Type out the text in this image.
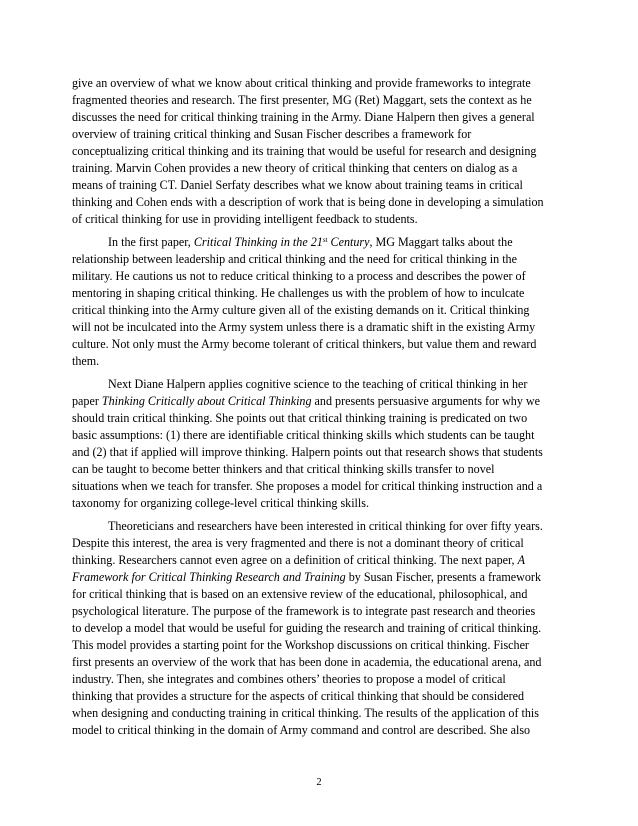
give an overview of what we know about critical thinking and provide frameworks to integrate
fragmented theories and research. The first presenter, MG (Ret) Maggart, sets the context as he
discusses the need for critical thinking training in the Army. Diane Halpern then gives a general
overview of training critical thinking and Susan Fischer describes a framework for
conceptualizing critical thinking and its training that would be useful for research and designing
training. Marvin Cohen provides a new theory of critical thinking that centers on dialog as a
means of training CT. Daniel Serfaty describes what we know about training teams in critical
thinking and Cohen ends with a description of work that is being done in developing a simulation
of critical thinking for use in providing intelligent feedback to students.
In the first paper, Critical Thinking in the 21st Century, MG Maggart talks about the
relationship between leadership and critical thinking and the need for critical thinking in the
military. He cautions us not to reduce critical thinking to a process and describes the power of
mentoring in shaping critical thinking. He challenges us with the problem of how to inculcate
critical thinking into the Army culture given all of the existing demands on it. Critical thinking
will not be inculcated into the Army system unless there is a dramatic shift in the existing Army
culture. Not only must the Army become tolerant of critical thinkers, but value them and reward
them.
Next Diane Halpern applies cognitive science to the teaching of critical thinking in her
paper Thinking Critically about Critical Thinking and presents persuasive arguments for why we
should train critical thinking. She points out that critical thinking training is predicated on two
basic assumptions: (1) there are identifiable critical thinking skills which students can be taught
and (2) that if applied will improve thinking. Halpern points out that research shows that students
can be taught to become better thinkers and that critical thinking skills transfer to novel
situations when we teach for transfer. She proposes a model for critical thinking instruction and a
taxonomy for organizing college-level critical thinking skills.
Theoreticians and researchers have been interested in critical thinking for over fifty years.
Despite this interest, the area is very fragmented and there is not a dominant theory of critical
thinking. Researchers cannot even agree on a definition of critical thinking. The next paper, A
Framework for Critical Thinking Research and Training by Susan Fischer, presents a framework
for critical thinking that is based on an extensive review of the educational, philosophical, and
psychological literature. The purpose of the framework is to integrate past research and theories
to develop a model that would be useful for guiding the research and training of critical thinking.
This model provides a starting point for the Workshop discussions on critical thinking. Fischer
first presents an overview of the work that has been done in academia, the educational arena, and
industry. Then, she integrates and combines others’ theories to propose a model of critical
thinking that provides a structure for the aspects of critical thinking that should be considered
when designing and conducting training in critical thinking. The results of the application of this
model to critical thinking in the domain of Army command and control are described. She also
2
